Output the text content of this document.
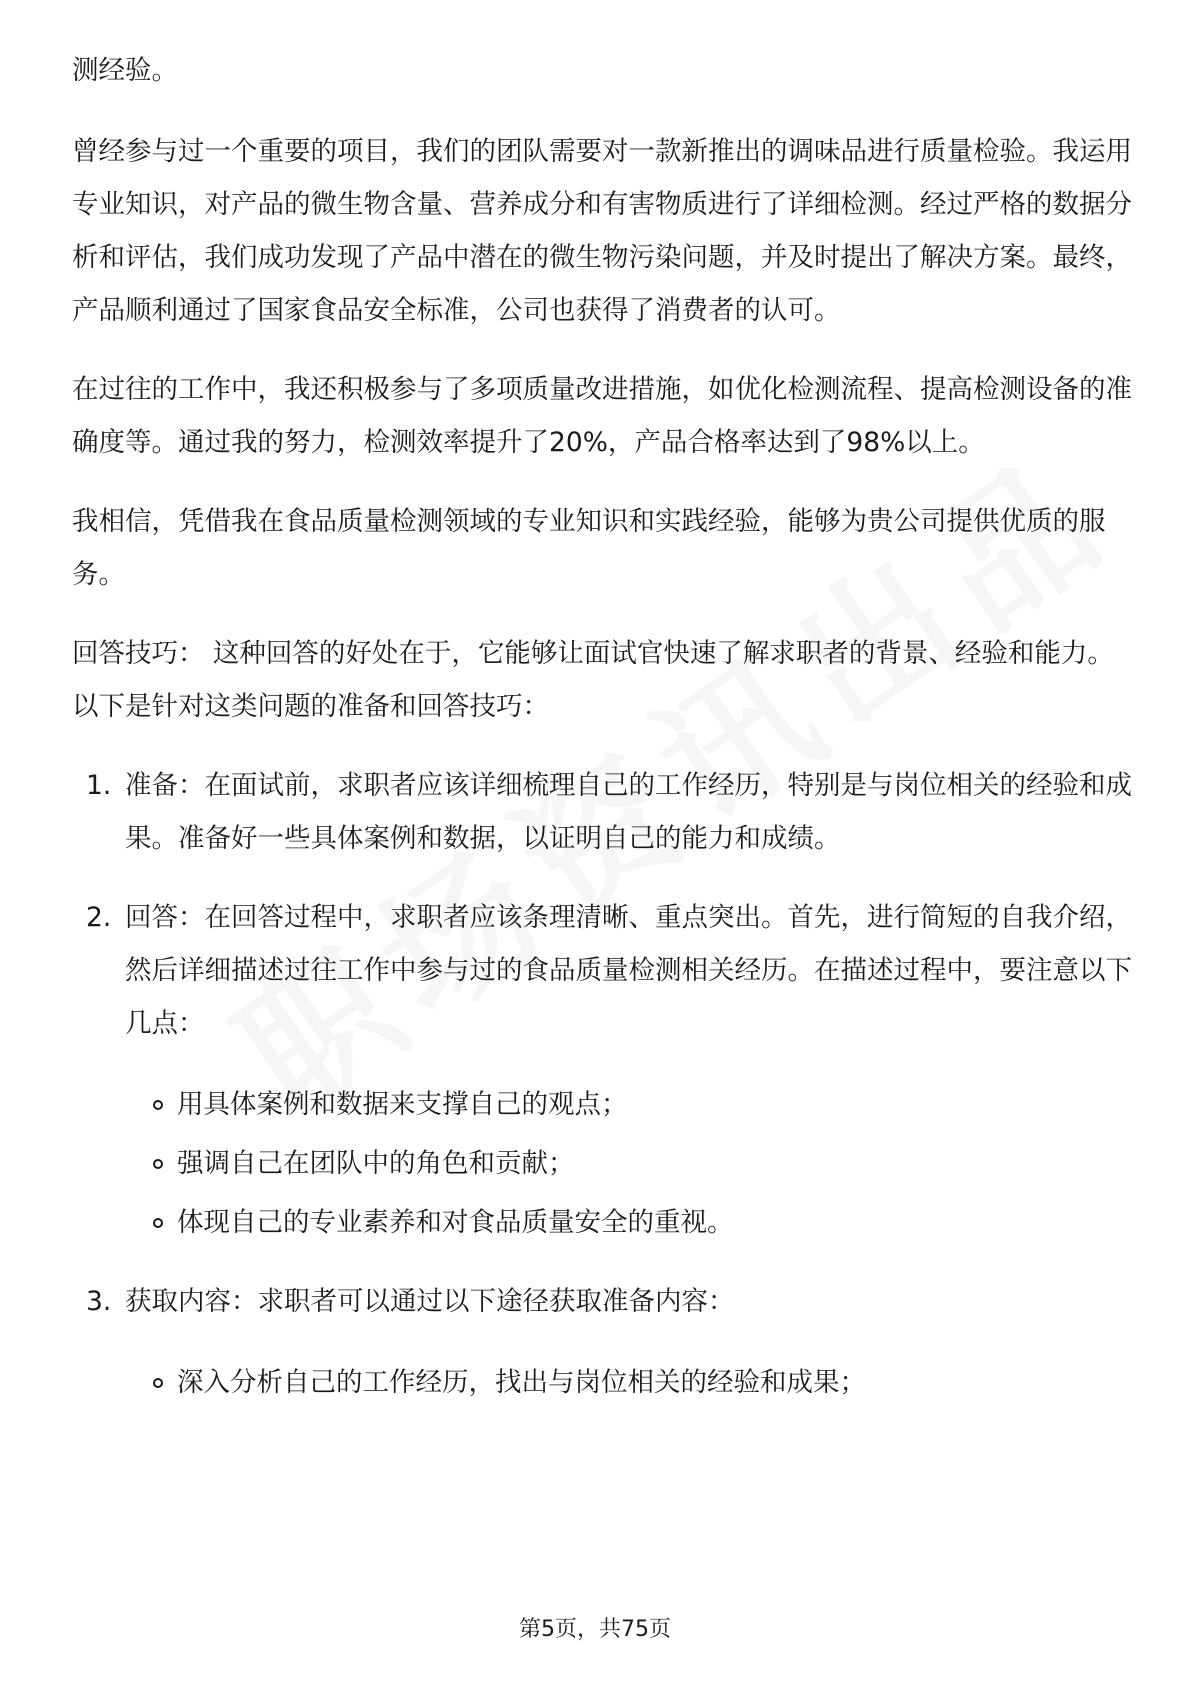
测经验。

曾经参与过一个重要的项目，我们的团队需要对一款新推出的调味品进行质量检验。我运用专业知识，对产品的微生物含量、营养成分和有害物质进行了详细检测。经过严格的数据分析和评估，我们成功发现了产品中潜在的微生物污染问题，并及时提出了解决方案。最终，产品顺利通过了国家食品安全标准，公司也获得了消费者的认可。

在过往的工作中，我还积极参与了多项质量改进措施，如优化检测流程、提高检测设备的准确度等。通过我的努力，检测效率提升了20%，产品合格率达到了98%以上。

我相信，凭借我在食品质量检测领域的专业知识和实践经验，能够为贵公司提供优质的服务。

回答技巧： 这种回答的好处在于，它能够让面试官快速了解求职者的背景、经验和能力。以下是针对这类问题的准备和回答技巧：

1. 准备：在面试前，求职者应该详细梳理自己的工作经历，特别是与岗位相关的经验和成果。准备好一些具体案例和数据，以证明自己的能力和成绩。
2. 回答：在回答过程中，求职者应该条理清晰、重点突出。首先，进行简短的自我介绍，然后详细描述过往工作中参与过的食品质量检测相关经历。在描述过程中，要注意以下几点：
用具体案例和数据来支撑自己的观点；
强调自己在团队中的角色和贡献；
体现自己的专业素养和对食品质量安全的重视。
3. 获取内容：求职者可以通过以下途径获取准备内容：
深入分析自己的工作经历，找出与岗位相关的经验和成果；
第5页，共75页
